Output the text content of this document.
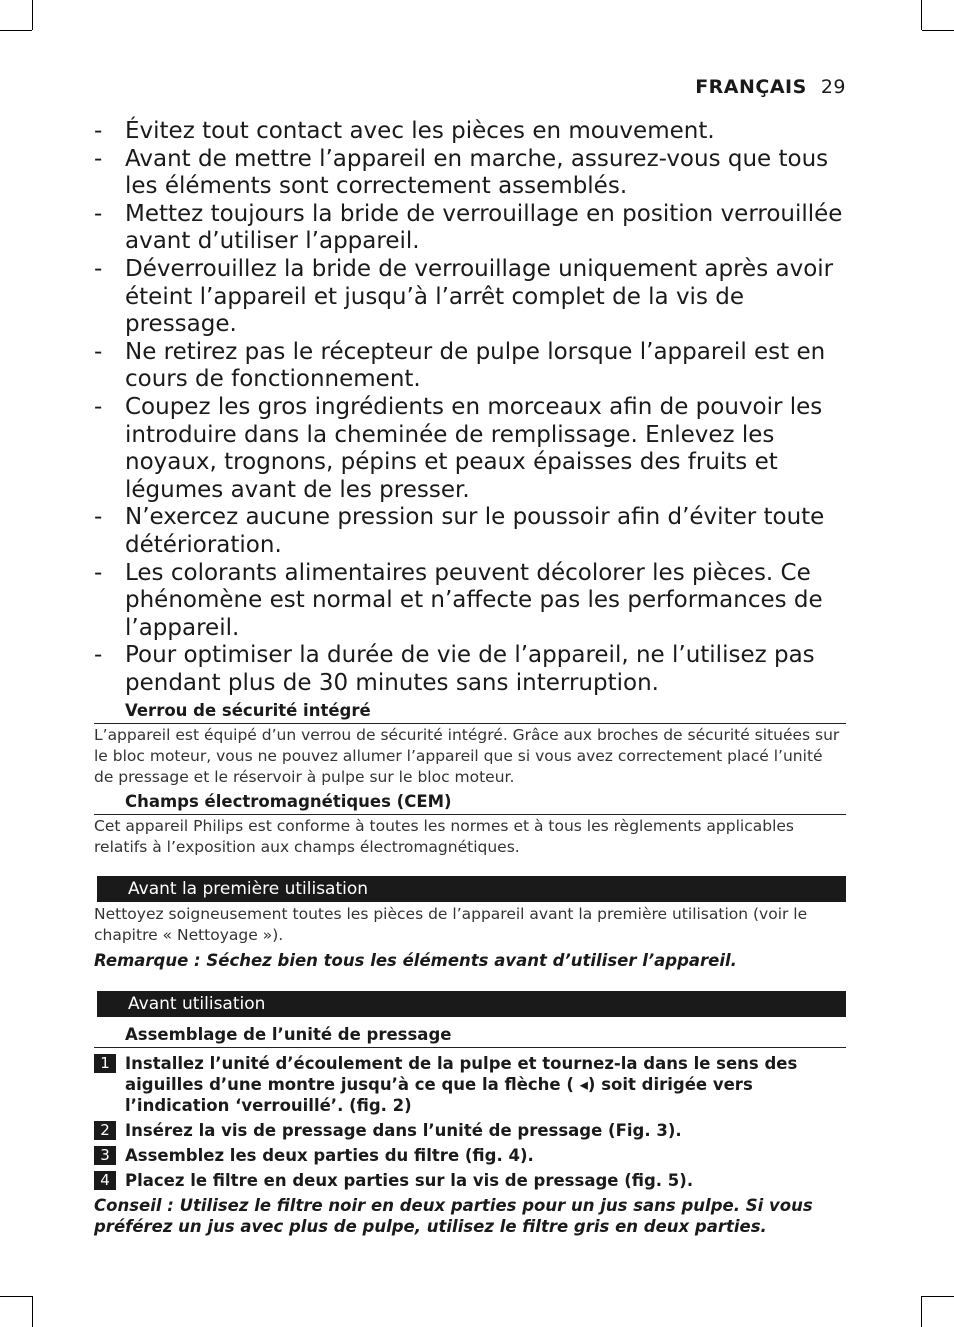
FRANÇAIS 29
- Évitez tout contact avec les pièces en mouvement.
- Avant de mettre l’appareil en marche, assurez-vous que tous les éléments sont correctement assemblés.
- Mettez toujours la bride de verrouillage en position verrouillée avant d’utiliser l’appareil.
- Déverrouillez la bride de verrouillage uniquement après avoir éteint l’appareil et jusqu’à l’arrêt complet de la vis de pressage.
- Ne retirez pas le récepteur de pulpe lorsque l’appareil est en cours de fonctionnement.
- Coupez les gros ingrédients en morceaux afin de pouvoir les introduire dans la cheminée de remplissage. Enlevez les noyaux, trognons, pépins et peaux épaisses des fruits et légumes avant de les presser.
- N’exercez aucune pression sur le poussoir afin d’éviter toute détérioration.
- Les colorants alimentaires peuvent décolorer les pièces. Ce phénomène est normal et n’affecte pas les performances de l’appareil.
- Pour optimiser la durée de vie de l’appareil, ne l’utilisez pas pendant plus de 30 minutes sans interruption.
Verrou de sécurité intégré
L’appareil est équipé d’un verrou de sécurité intégré. Grâce aux broches de sécurité situées sur le bloc moteur, vous ne pouvez allumer l’appareil que si vous avez correctement placé l’unité de pressage et le réservoir à pulpe sur le bloc moteur.
Champs électromagnétiques (CEM)
Cet appareil Philips est conforme à toutes les normes et à tous les règlements applicables relatifs à l’exposition aux champs électromagnétiques.
Avant la première utilisation
Nettoyez soigneusement toutes les pièces de l’appareil avant la première utilisation (voir le chapitre « Nettoyage »).
Remarque : Séchez bien tous les éléments avant d’utiliser l’appareil.
Avant utilisation
Assemblage de l’unité de pressage
1 Installez l’unité d’écoulement de la pulpe et tournez-la dans le sens des aiguilles d’une montre jusqu’à ce que la flèche ( ◂) soit dirigée vers l’indication ‘verrouillé’. (fig. 2)
2 Insérez la vis de pressage dans l’unité de pressage (Fig. 3).
3 Assemblez les deux parties du filtre (fig. 4).
4 Placez le filtre en deux parties sur la vis de pressage (fig. 5).
Conseil : Utilisez le filtre noir en deux parties pour un jus sans pulpe. Si vous préférez un jus avec plus de pulpe, utilisez le filtre gris en deux parties.
